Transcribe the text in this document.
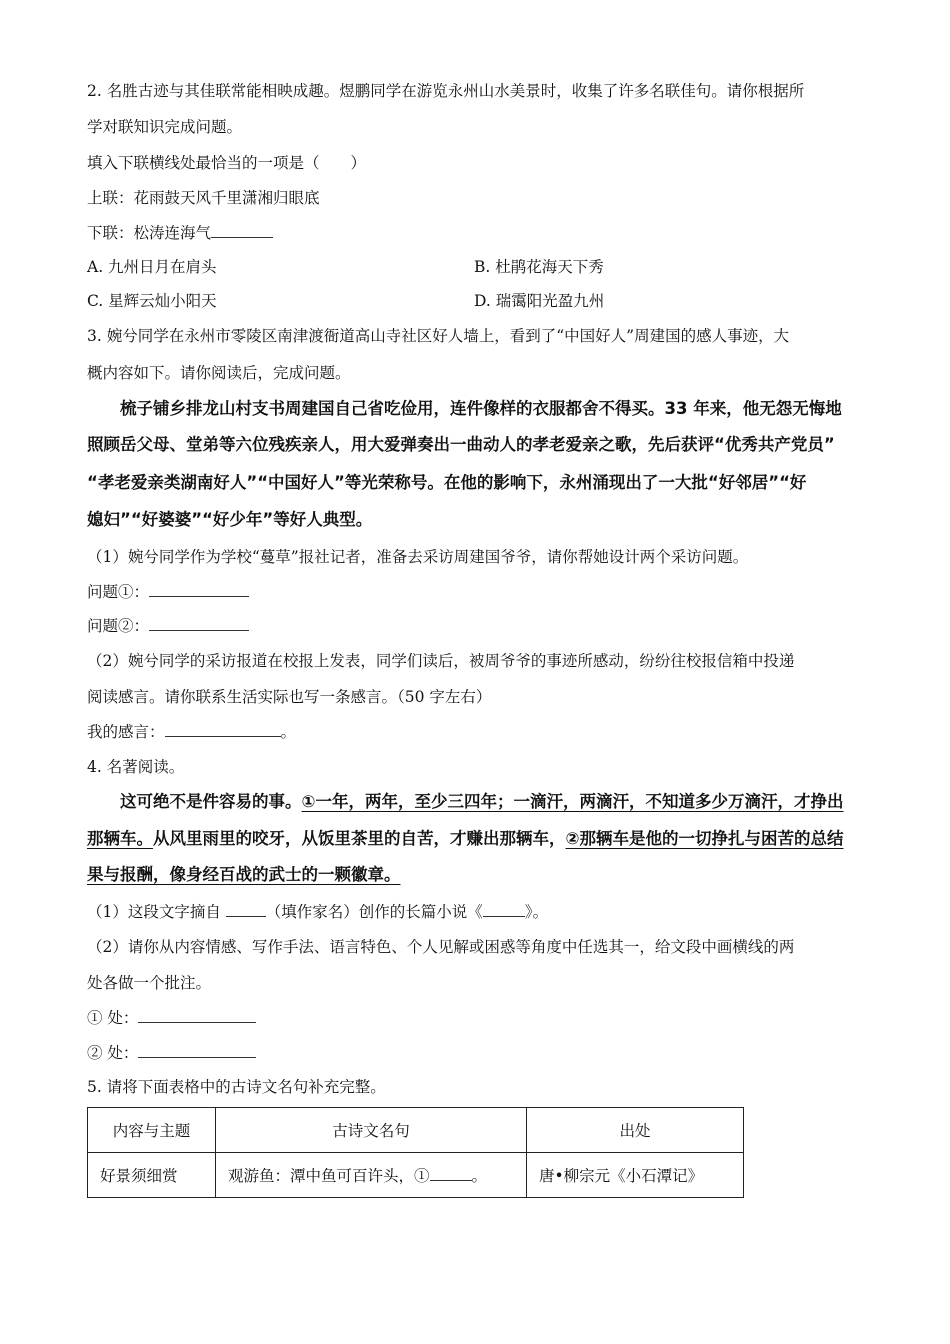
2. 名胜古迹与其佳联常能相映成趣。煜鹏同学在游览永州山水美景时，收集了许多名联佳句。请你根据所
学对联知识完成问题。
填入下联横线处最恰当的一项是（　　）
上联：花雨鼓天风千里潇湘归眼底
下联：松涛连海气
A. 九州日月在肩头	B. 杜鹃花海天下秀
C. 星辉云灿小阳天	D. 瑞霭阳光盈九州
3. 婉兮同学在永州市零陵区南津渡衙道高山寺社区好人墙上，看到了“中国好人”周建国的感人事迹，大
概内容如下。请你阅读后，完成问题。
　　梳子铺乡排龙山村支书周建国自己省吃俭用，连件像样的衣服都舍不得买。33 年来，他无怨无悔地
照顾岳父母、堂弟等六位残疾亲人，用大爱弹奏出一曲动人的孝老爱亲之歌，先后获评“优秀共产党员”
“孝老爱亲类湖南好人”“中国好人”等光荣称号。在他的影响下，永州涌现出了一大批“好邻居”“好
媳妇”“好婆婆”“好少年”等好人典型。
（1）婉兮同学作为学校“蔓草”报社记者，准备去采访周建国爷爷，请你帮她设计两个采访问题。
问题①：
问题②：
（2）婉兮同学的采访报道在校报上发表，同学们读后，被周爷爷的事迹所感动，纷纷往校报信箱中投递
阅读感言。请你联系生活实际也写一条感言。（50 字左右）
我的感言：	。
4. 名著阅读。
　　这可绝不是件容易的事。①一年，两年，至少三四年；一滴汗，两滴汗，不知道多少万滴汗，才挣出
那辆车。从风里雨里的咬牙，从饭里茶里的自苦，才赚出那辆车，②那辆车是他的一切挣扎与困苦的总结
果与报酬，像身经百战的武士的一颗徽章。
（1）这段文字摘自	（填作家名）创作的长篇小说《	》。
（2）请你从内容情感、写作手法、语言特色、个人见解或困惑等角度中任选其一，给文段中画横线的两
处各做一个批注。
① 处：
② 处：
5. 请将下面表格中的古诗文名句补充完整。
内容与主题	古诗文名句	出处
好景须细赏	观游鱼：潭中鱼可百许头，① 。	唐•柳宗元《小石潭记》
